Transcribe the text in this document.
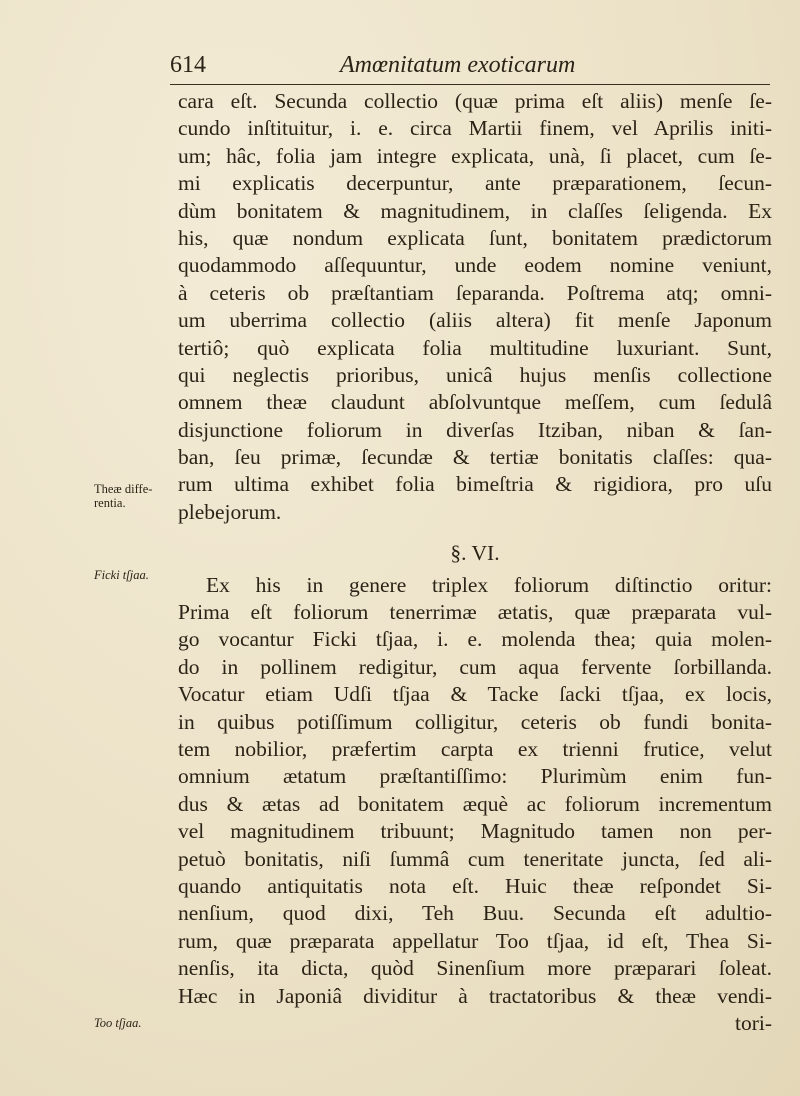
614	Amœnitatum exoticarum
Theæ diffe-
rentia.
Ficki tſjaa.
Too tſjaa.
cara eſt. Secunda collectio (quæ prima eſt aliis) menſe ſe-
cundo inſtituitur, i. e. circa Martii finem, vel Aprilis initi-
um; hâc, folia jam integre explicata, unà, ſi placet, cum ſe-
mi explicatis decerpuntur, ante præparationem, ſecun-
dùm bonitatem & magnitudinem, in claſſes ſeligenda. Ex
his, quæ nondum explicata ſunt, bonitatem prædictorum
quodammodo aſſequuntur, unde eodem nomine veniunt,
à ceteris ob præſtantiam ſeparanda. Poſtrema atq; omni-
um uberrima collectio (aliis altera) fit menſe Japonum
tertiô; quò explicata folia multitudine luxuriant. Sunt,
qui neglectis prioribus, unicâ hujus menſis collectione
omnem theæ claudunt abſolvuntque meſſem, cum ſedulâ
disjunctione foliorum in diverſas Itziban, niban & ſan-
ban, ſeu primæ, ſecundæ & tertiæ bonitatis claſſes: qua-
rum ultima exhibet folia bimeſtria & rigidiora, pro uſu
plebejorum.
§. VI.
Ex his in genere triplex foliorum diſtinctio oritur:
Prima eſt foliorum tenerrimæ ætatis, quæ præparata vul-
go vocantur Ficki tſjaa, i. e. molenda thea; quia molen-
do in pollinem redigitur, cum aqua fervente ſorbillanda.
Vocatur etiam Udſi tſjaa & Tacke ſacki tſjaa, ex locis,
in quibus potiſſimum colligitur, ceteris ob fundi bonita-
tem nobilior, præfertim carpta ex trienni frutice, velut
omnium ætatum præſtantiſſimo: Plurimùm enim fun-
dus & ætas ad bonitatem æquè ac foliorum incrementum
vel magnitudinem tribuunt; Magnitudo tamen non per-
petuò bonitatis, niſi ſummâ cum teneritate juncta, ſed ali-
quando antiquitatis nota eſt. Huic theæ reſpondet Si-
nenſium, quod dixi, Teh Buu. Secunda eſt adultio-
rum, quæ præparata appellatur Too tſjaa, id eſt, Thea Si-
nenſis, ita dicta, quòd Sinenſium more præparari ſoleat.
Hæc in Japoniâ dividitur à tractatoribus & theæ vendi-
tori-
